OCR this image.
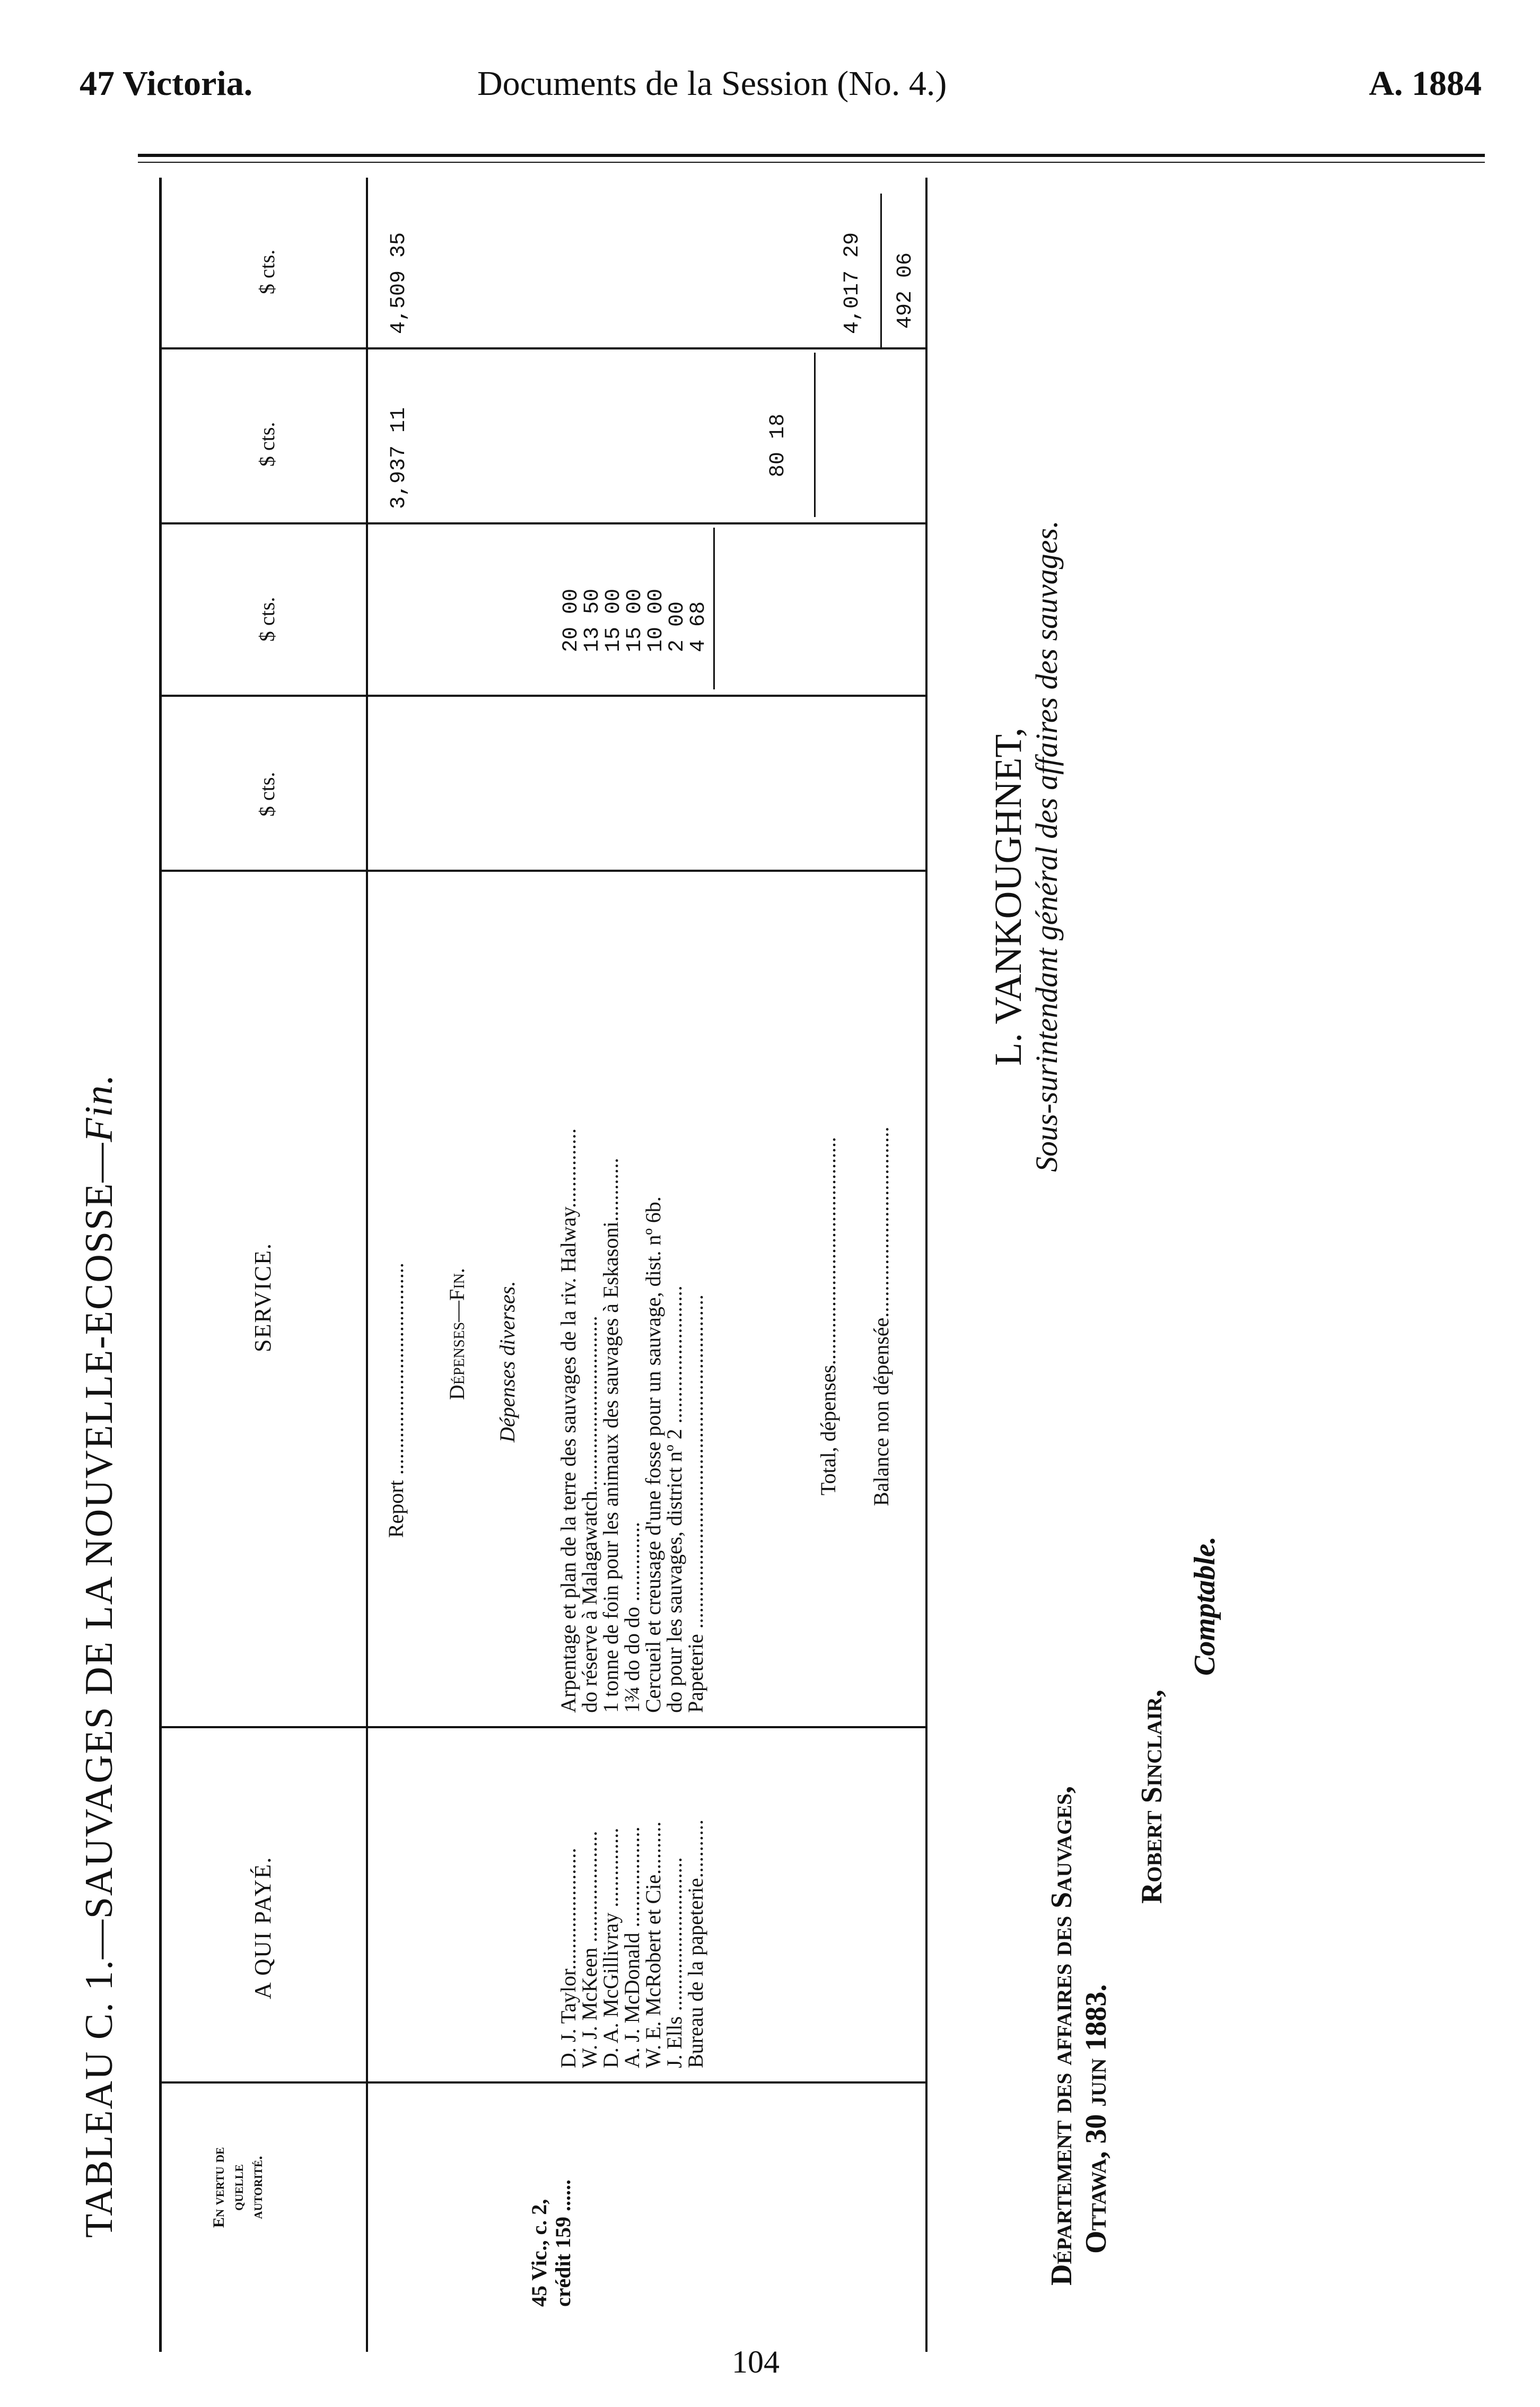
47 Victoria.	Documents de la Session (No. 4.)	A. 1884
TABLEAU C. 1.—SAUVAGES DE LA NOUVELLE-ECOSSE—Fin.
En vertu de quelle autorité.
A QUI PAYÉ.
SERVICE.
$ cts.
$ cts.
$ cts.
$ cts.
45 Vic., c. 2, crédit 159 ......
Report ........................................
3,937 11
4,509 35
Dépenses—Fin. Dépenses diverses.
D. J. Taylor.......................
Arpentage et plan de la terre des sauvages de la riv. Halway...............
20 00
W. J. McKeen .....................
do réserve à Malagawatch.................................
13 50
D. A. McGillivray ...............
1 tonne de foin pour les animaux des sauvages à Eskasoni............
15 00
A. J. McDonald ...................
1¾ do do do ...............
15 00
W. E. McRobert et Cie..........
Cercueil et creusage d'une fosse pour un sauvage, dist. nº 6b.
10 00
J. Ells .............................
do pour les sauvages, district nº 2 ..........................
2 00
Bureau de la papeterie...........
Papeterie ...............................................................
4 68
80 18
Total, dépenses...........................................
4,017 29
Balance non dépensée....................................
492 06
L. VANKOUGHNET, Sous-surintendant général des affaires des sauvages.
Département des affaires des Sauvages, Ottawa, 30 juin 1883.
Robert Sinclair,
Comptable.
104
